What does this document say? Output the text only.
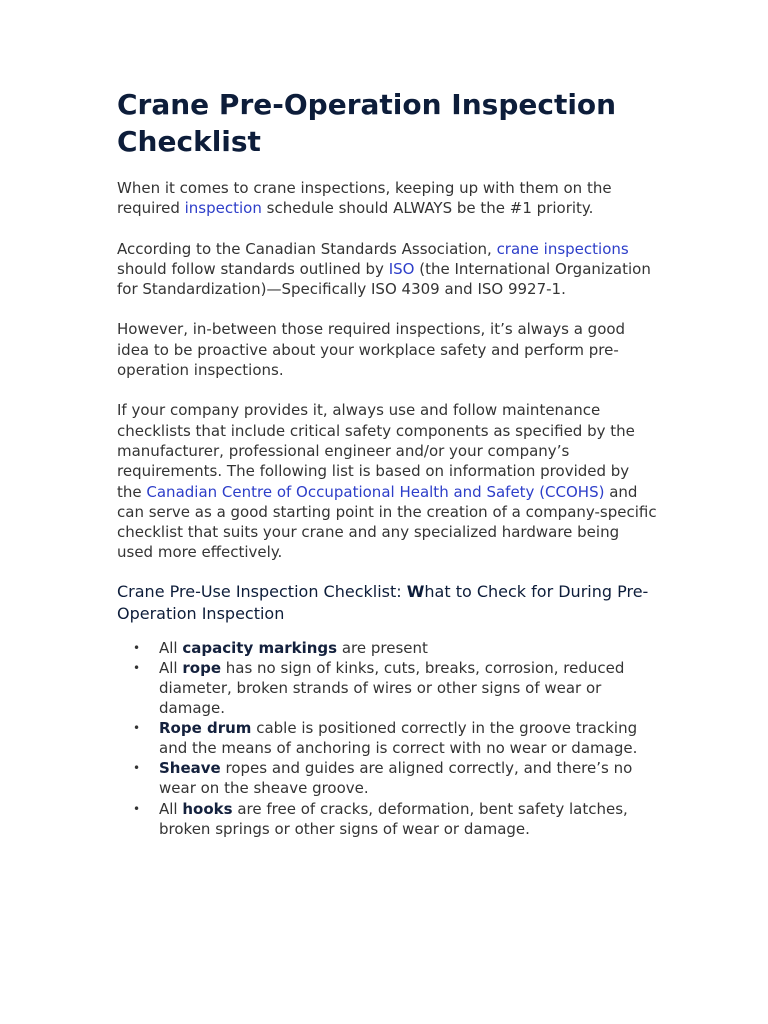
Crane Pre-Operation Inspection Checklist

When it comes to crane inspections, keeping up with them on the required inspection schedule should ALWAYS be the #1 priority.

According to the Canadian Standards Association, crane inspections should follow standards outlined by ISO (the International Organization for Standardization)—Specifically ISO 4309 and ISO 9927-1.

However, in-between those required inspections, it’s always a good idea to be proactive about your workplace safety and perform pre-operation inspections.

If your company provides it, always use and follow maintenance checklists that include critical safety components as specified by the manufacturer, professional engineer and/or your company’s requirements. The following list is based on information provided by the Canadian Centre of Occupational Health and Safety (CCOHS) and can serve as a good starting point in the creation of a company-specific checklist that suits your crane and any specialized hardware being used more effectively.

Crane Pre-Use Inspection Checklist: What to Check for During Pre-Operation Inspection
• All capacity markings are present
• All rope has no sign of kinks, cuts, breaks, corrosion, reduced diameter, broken strands of wires or other signs of wear or damage.
• Rope drum cable is positioned correctly in the groove tracking and the means of anchoring is correct with no wear or damage.
• Sheave ropes and guides are aligned correctly, and there’s no wear on the sheave groove.
• All hooks are free of cracks, deformation, bent safety latches, broken springs or other signs of wear or damage.
